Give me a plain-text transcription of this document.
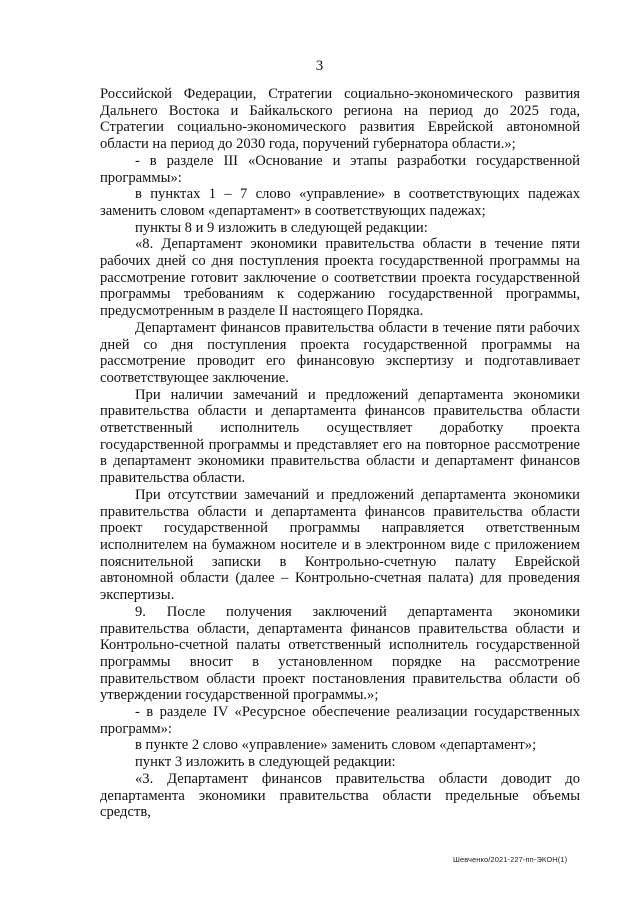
3

Российской Федерации, Стратегии социально-экономического развития Дальнего Востока и Байкальского региона на период до 2025 года, Стратегии социально-экономического развития Еврейской автономной области на период до 2030 года, поручений губернатора области.»;

- в разделе III «Основание и этапы разработки государственной программы»:

в пунктах 1 – 7 слово «управление» в соответствующих падежах заменить словом «департамент» в соответствующих падежах;

пункты 8 и 9 изложить в следующей редакции:

«8. Департамент экономики правительства области в течение пяти рабочих дней со дня поступления проекта государственной программы на рассмотрение готовит заключение о соответствии проекта государственной программы требованиям к содержанию государственной программы, предусмотренным в разделе II настоящего Порядка.

Департамент финансов правительства области в течение пяти рабочих дней со дня поступления проекта государственной программы на рассмотрение проводит его финансовую экспертизу и подготавливает соответствующее заключение.

При наличии замечаний и предложений департамента экономики правительства области и департамента финансов правительства области ответственный исполнитель осуществляет доработку проекта государственной программы и представляет его на повторное рассмотрение в департамент экономики правительства области и департамент финансов правительства области.

При отсутствии замечаний и предложений департамента экономики правительства области и департамента финансов правительства области проект государственной программы направляется ответственным исполнителем на бумажном носителе и в электронном виде с приложением пояснительной записки в Контрольно-счетную палату Еврейской автономной области (далее – Контрольно-счетная палата) для проведения экспертизы.

9. После получения заключений департамента экономики правительства области, департамента финансов правительства области и Контрольно-счетной палаты ответственный исполнитель государственной программы вносит в установленном порядке на рассмотрение правительством области проект постановления правительства области об утверждении государственной программы.»;

- в разделе IV «Ресурсное обеспечение реализации государственных программ»:

в пункте 2 слово «управление» заменить словом «департамент»;

пункт 3 изложить в следующей редакции:

«3. Департамент финансов правительства области доводит до департамента экономики правительства области предельные объемы средств,

Шевченко/2021-227-пп-ЭКОН(1)
